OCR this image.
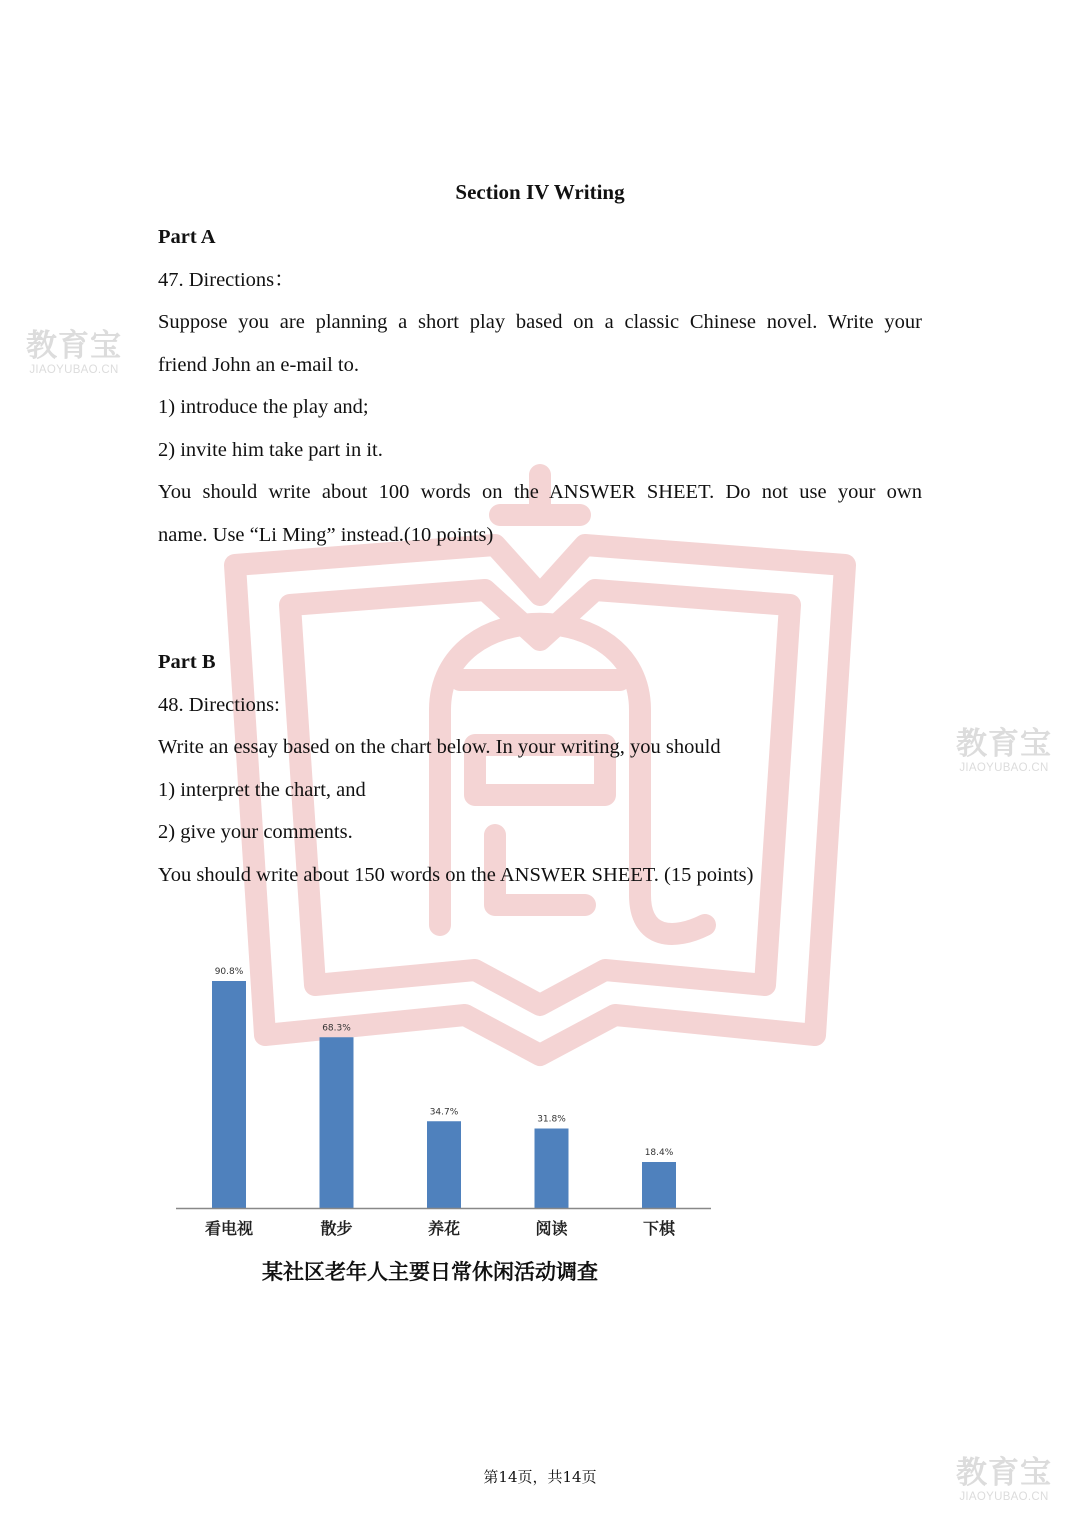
教育宝
JIAOYUBAO.CN
教育宝
JIAOYUBAO.CN
教育宝
JIAOYUBAO.CN
Section IV Writing
Part A
47. Directions：
Suppose you are planning a short play based on a classic Chinese novel. Write your
friend John an e-mail to.
1) introduce the play and;
2) invite him take part in it.
You should write about 100 words on the ANSWER SHEET. Do not use your own
name. Use “Li Ming” instead.(10 points)
Part B
48. Directions:
Write an essay based on the chart below. In your writing, you should
1) interpret the chart, and
2) give your comments.
You should write about 150 words on the ANSWER SHEET. (15 points)
90.8%
看电视
68.3%
散步
34.7%
养花
31.8%
阅读
18.4%
下棋
某社区老年人主要日常休闲活动调查
第14页，共14页
